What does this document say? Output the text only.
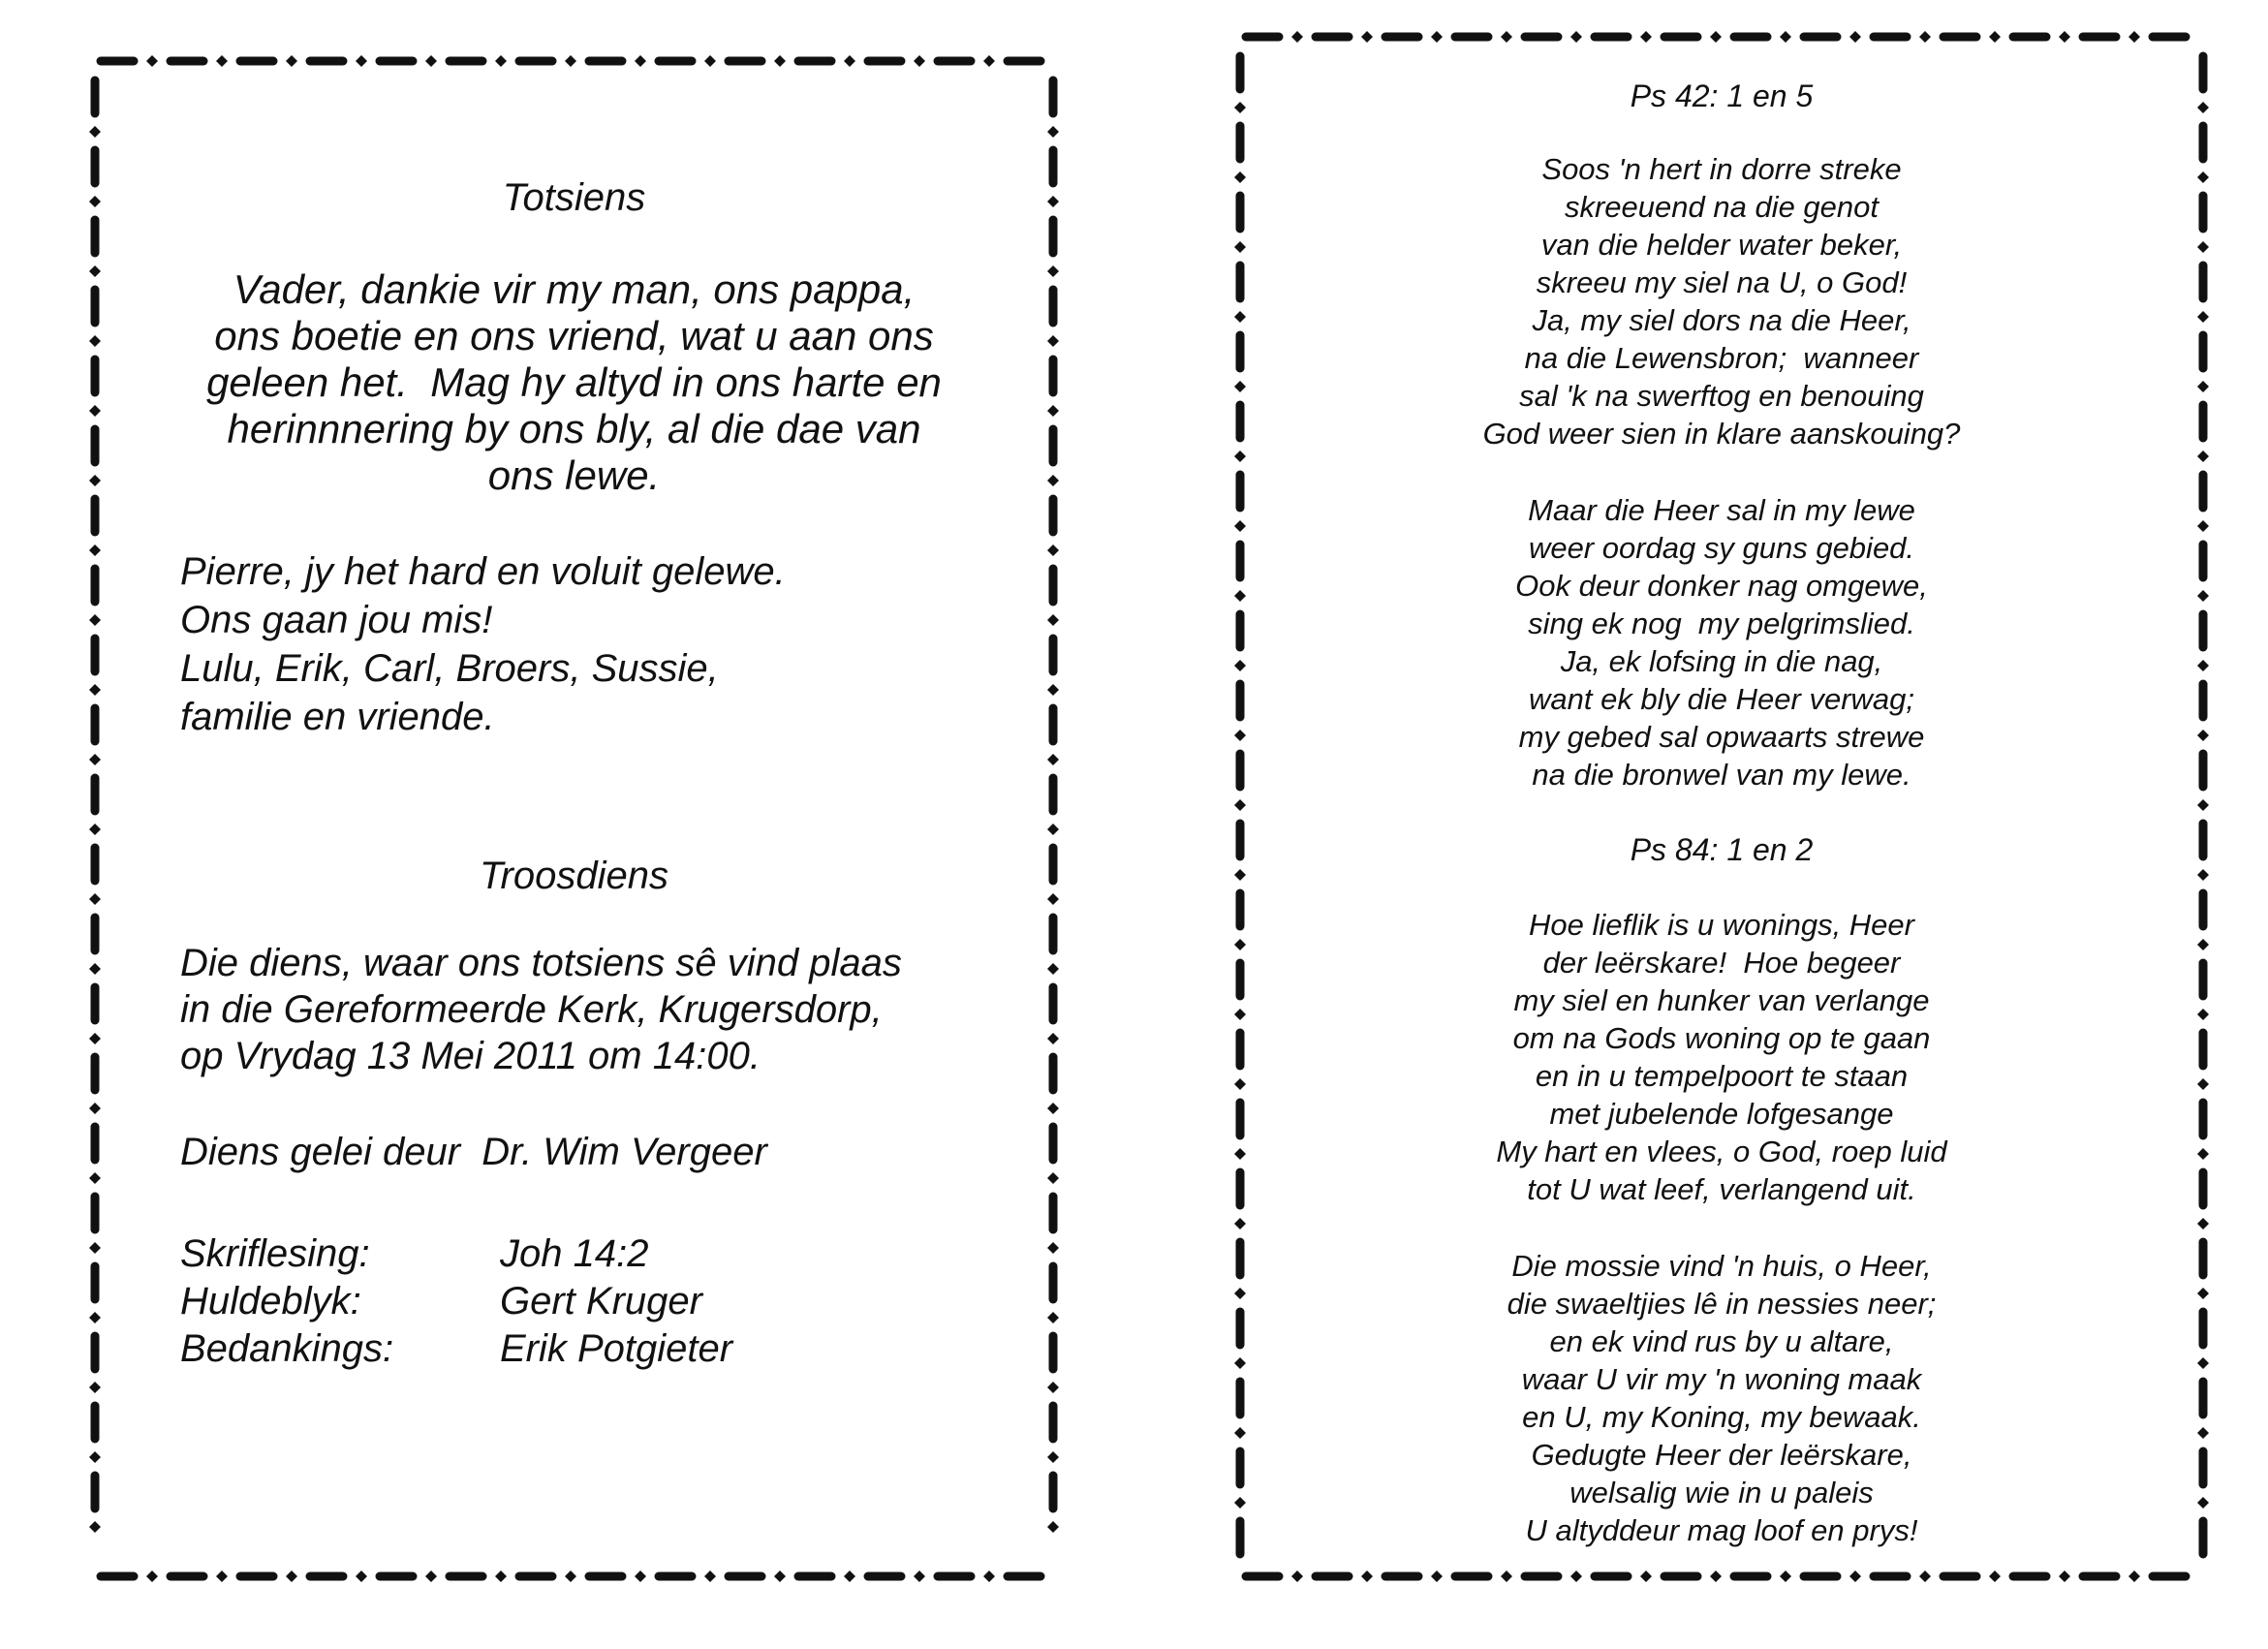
Totsiens
Vader, dankie vir my man, ons pappa,
ons boetie en ons vriend, wat u aan ons
geleen het.  Mag hy altyd in ons harte en
herinnnering by ons bly, al die dae van
ons lewe.
Pierre, jy het hard en voluit gelewe.
Ons gaan jou mis!
Lulu, Erik, Carl, Broers, Sussie,
familie en vriende.
Troosdiens
Die diens, waar ons totsiens sê vind plaas
in die Gereformeerde Kerk, Krugersdorp,
op Vrydag 13 Mei 2011 om 14:00.
Diens gelei deur  Dr. Wim Vergeer
Skriflesing:	Joh 14:2
Huldeblyk:	Gert Kruger
Bedankings:	Erik Potgieter
Ps 42: 1 en 5
Soos 'n hert in dorre streke
skreeuend na die genot
van die helder water beker,
skreeu my siel na U, o God!
Ja, my siel dors na die Heer,
na die Lewensbron;  wanneer
sal 'k na swerftog en benouing
God weer sien in klare aanskouing?
Maar die Heer sal in my lewe
weer oordag sy guns gebied.
Ook deur donker nag omgewe,
sing ek nog  my pelgrimslied.
Ja, ek lofsing in die nag,
want ek bly die Heer verwag;
my gebed sal opwaarts strewe
na die bronwel van my lewe.
Ps 84: 1 en 2
Hoe lieflik is u wonings, Heer
der leërskare!  Hoe begeer
my siel en hunker van verlange
om na Gods woning op te gaan
en in u tempelpoort te staan
met jubelende lofgesange
My hart en vlees, o God, roep luid
tot U wat leef, verlangend uit.
Die mossie vind 'n huis, o Heer,
die swaeltjies lê in nessies neer;
en ek vind rus by u altare,
waar U vir my 'n woning maak
en U, my Koning, my bewaak.
Gedugte Heer der leërskare,
welsalig wie in u paleis
U altyddeur mag loof en prys!
